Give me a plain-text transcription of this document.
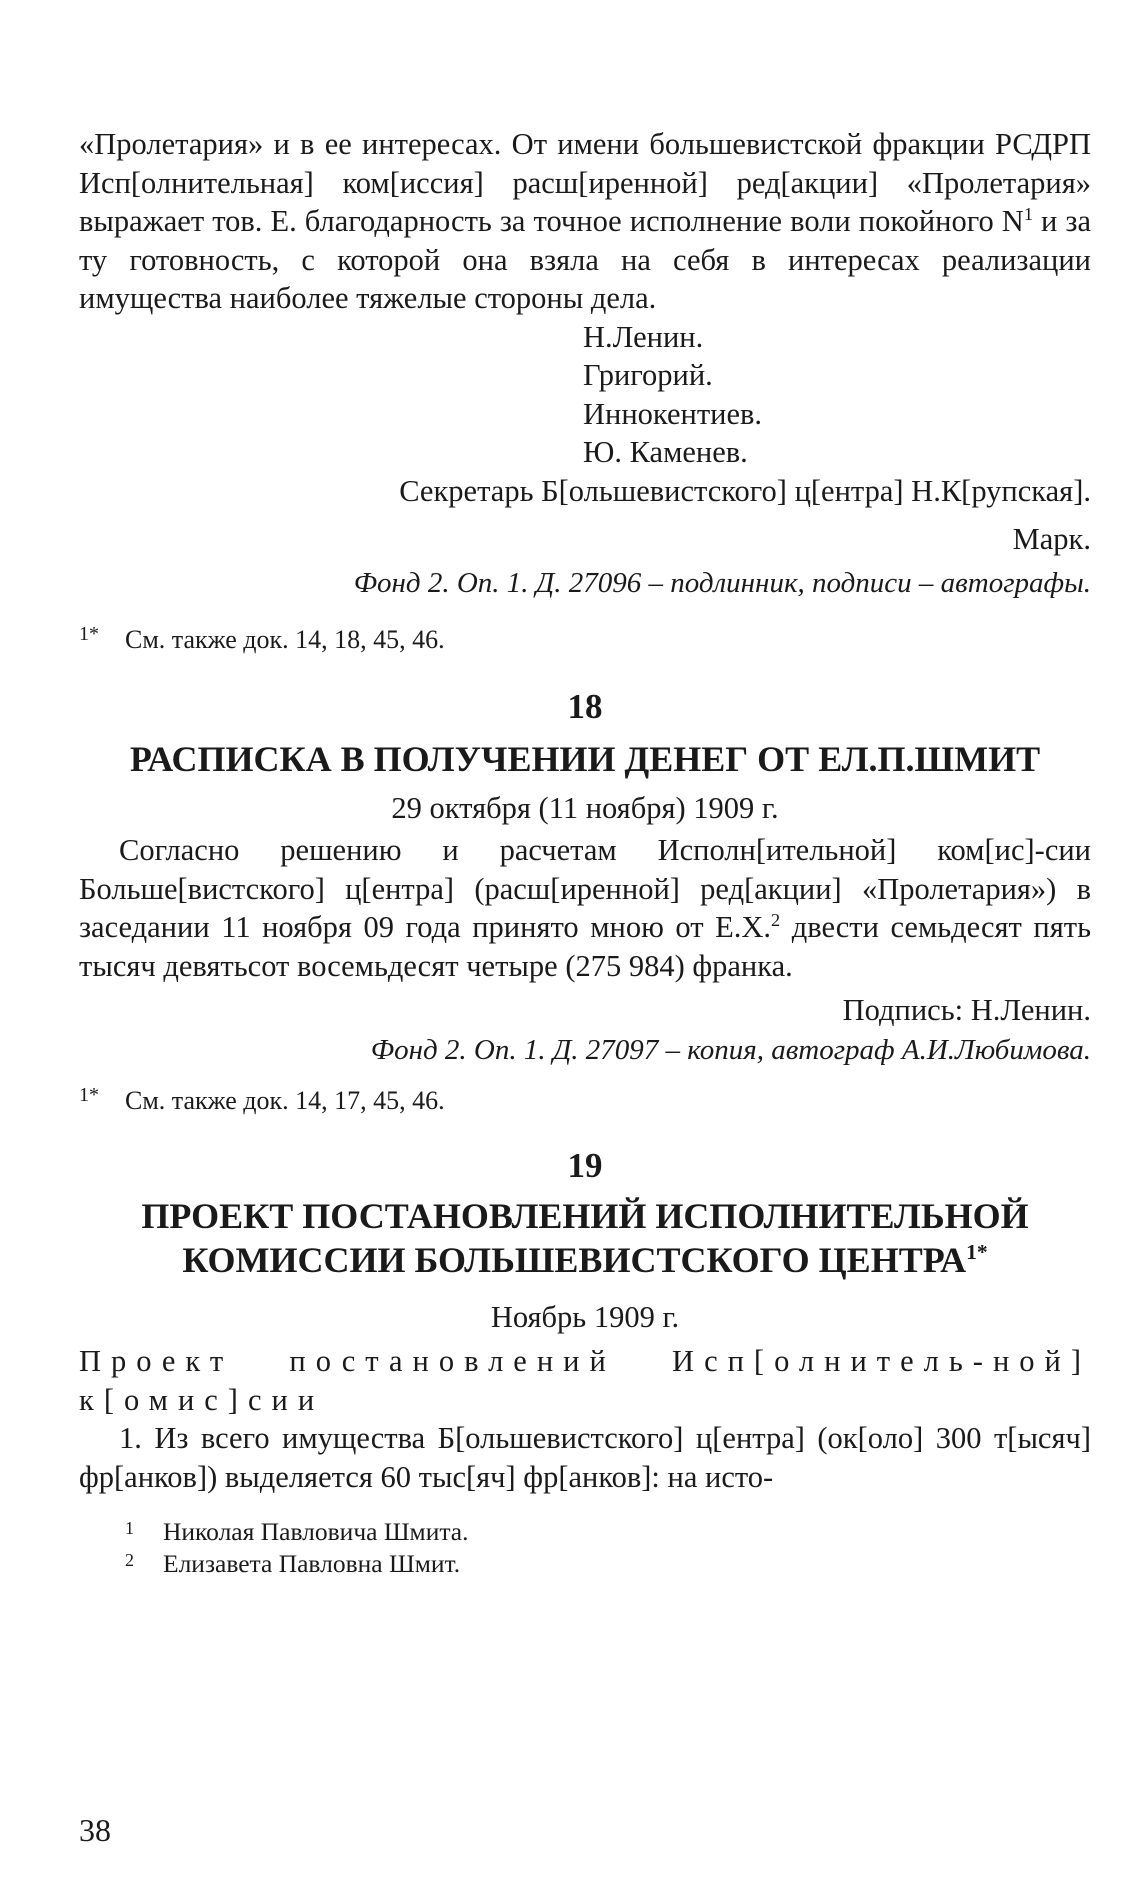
«Пролетария» и в ее интересах. От имени большевистской фракции РСДРП Исп[олнительная] ком[иссия] расш[иренной] ред[акции] «Пролетария» выражает тов. Е. благодарность за точное исполнение воли покойного $N^1$ и за ту готовность, с которой она взяла на себя в интересах реализации имущества наиболее тяжелые стороны дела.

Н.Ленин.

Григорий.

Иннокентиев.

Ю. Каменев.

Секретарь Б[ольшевистского] ц[ентра] Н.К[рупская].

Марк.

Фонд 2. Оп. 1. Д. 27096 – подлинник, подписи – автографы.

1* См. также док. 14, 18, 45, 46.

18

РАСПИСКА В ПОЛУЧЕНИИ ДЕНЕГ ОТ ЕЛ.П.ШМИТ

29 октября (11 ноября) 1909 г.

Согласно решению и расчетам Исполн[ительной] ком[ис]-сии Больше[вистского] ц[ентра] (расш[иренной] ред[акции] «Пролетария») в заседании 11 ноября 09 года принято мною от Е.Х.$^2$ двести семьдесят пять тысяч девятьсот восемьдесят четыре (275 984) франка.

Подпись: Н.Ленин.

Фонд 2. Оп. 1. Д. 27097 – копия, автограф А.И.Любимова.

1* См. также док. 14, 17, 45, 46.

19

ПРОЕКТ ПОСТАНОВЛЕНИЙ ИСПОЛНИТЕЛЬНОЙ
КОМИССИИ БОЛЬШЕВИСТСКОГО $ЦЕНТРА^{1*}$

Ноябрь 1909 г.

Проект постановлений Исп[олнитель-ной] к[омис]сии

1. Из всего имущества Б[ольшевистского] ц[ентра] (ок[оло] 300 т[ысяч] фр[анков]) выделяется 60 тыс[яч] фр[анков]: на исто-

1 Николая Павловича Шмита.

2 Елизавета Павловна Шмит.

38
